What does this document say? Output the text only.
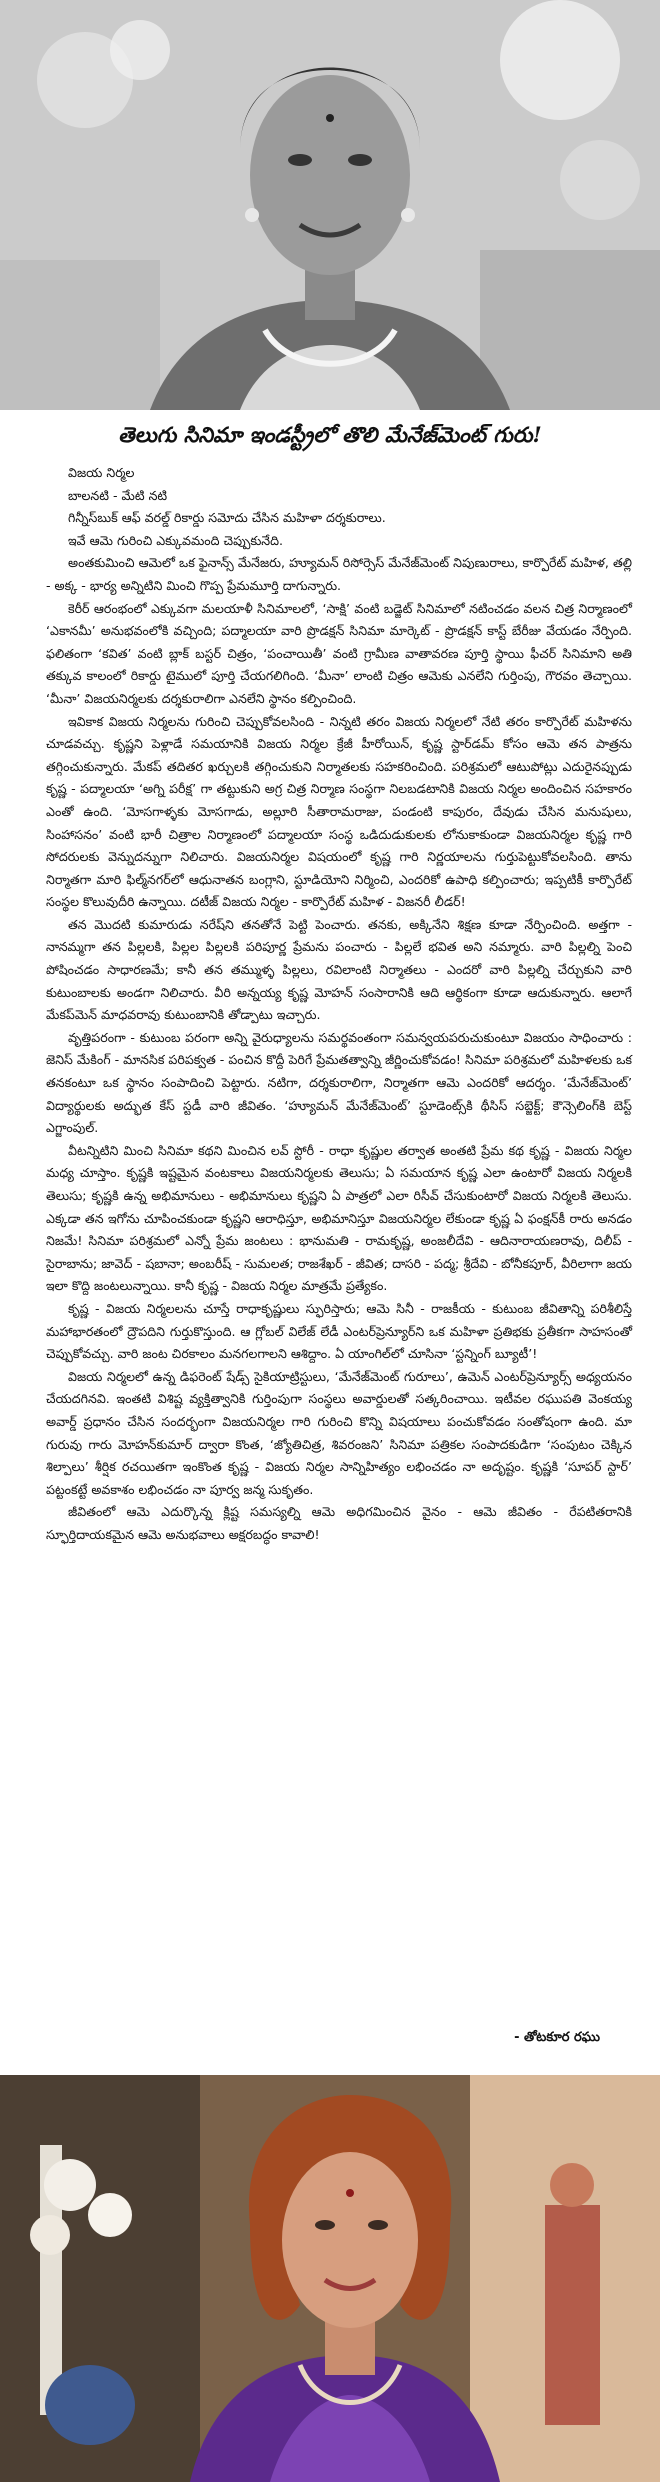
తెలుగు సినిమా ఇండస్ట్రీలో తొలి మేనేజ్‌మెంట్ గురు!

విజయ నిర్మల

బాలనటి - మేటి నటి

గిన్నీస్‌బుక్ ఆఫ్ వరల్డ్ రికార్డు సమోదు చేసిన మహిళా దర్శకురాలు.

ఇవే ఆమె గురించి ఎక్కువమంది చెప్పుకునేది.

అంతకుమించి ఆమెలో ఒక ఫైనాన్స్ మేనేజరు, హ్యూమన్ రిసోర్సెస్ మేనేజ్‌మెంట్ నిపుణురాలు, కార్పొరేట్ మహిళ, తల్లి - అక్క - భార్య అన్నిటిని మించి గొప్ప ప్రేమమూర్తి దాగున్నారు.

కెరీర్ ఆరంభంలో ఎక్కువగా మలయాళీ సినిమాలలో, ‘సాక్షి’ వంటి బడ్జెట్ సినిమాలో నటించడం వలన చిత్ర నిర్మాణంలో ‘ఎకానమీ’ అనుభవంలోకి వచ్చింది; పద్మాలయా వారి ప్రొడక్షన్ సినిమా మార్కెట్ - ప్రొడక్షన్ కాస్ట్ బేరీజు వేయడం నేర్పింది. ఫలితంగా ‘కవిత’ వంటి బ్లాక్ బస్టర్ చిత్రం, ‘పంచాయితీ’ వంటి గ్రామీణ వాతావరణ పూర్తి స్థాయి ఫీచర్ సినిమాని అతి తక్కువ కాలంలో రికార్డు టైములో పూర్తి చేయగలిగింది. ‘మీనా’ లాంటి చిత్రం ఆమెకు ఎనలేని గుర్తింపు, గౌరవం తెచ్చాయి. ‘మీనా’ విజయనిర్మలకు దర్శకురాలిగా ఎనలేని స్థానం కల్పించింది.

ఇవికాక విజయ నిర్మలను గురించి చెప్పుకోవలసింది - నిన్నటి తరం విజయ నిర్మలలో నేటి తరం కార్పొరేట్ మహిళను చూడవచ్చు. కృష్ణని పెళ్లాడే సమయానికి విజయ నిర్మల క్రేజీ హీరోయిన్, కృష్ణ స్టార్‌డమ్ కోసం ఆమె తన పాత్రను తగ్గించుకున్నారు. మేకప్ తదితర ఖర్చులకి తగ్గించుకుని నిర్మాతలకు సహకరించింది. పరిశ్రమలో ఆటుపోట్లు ఎదురైనప్పుడు కృష్ణ - పద్మాలయా ‘అగ్ని పరీక్ష’ గా తట్టుకుని అగ్ర చిత్ర నిర్మాణ సంస్థగా నిలబడటానికి విజయ నిర్మల అందించిన సహకారం ఎంతో ఉంది. ‘మోసగాళ్ళకు మోసగాడు, అల్లూరి సీతారామరాజు, పండంటి కాపురం, దేవుడు చేసిన మనుషులు, సింహాసనం’ వంటి భారీ చిత్రాల నిర్మాణంలో పద్మాలయా సంస్థ ఒడిదుడుకులకు లోనుకాకుండా విజయనిర్మల కృష్ణ గారి సోదరులకు వెన్నుదన్నుగా నిలిచారు. విజయనిర్మల విషయంలో కృష్ణ గారి నిర్ణయాలను గుర్తుపెట్టుకోవలసింది. తాను నిర్మాతగా మారి ఫిల్మ్‌నగర్‌లో ఆధునాతన బంగ్లాని, స్టూడియోని నిర్మించి, ఎందరికో ఉపాధి కల్పించారు; ఇప్పటికీ కార్పొరేట్ సంస్థల కొలువుదీరి ఉన్నాయి. దటీజ్ విజయ నిర్మల - కార్పొరేట్ మహిళ - విజనరీ లీడర్!

తన మొదటి కుమారుడు నరేష్‌ని తనతోనే పెట్టి పెంచారు. తనకు, అక్కినేని శిక్షణ కూడా నేర్పించింది. అత్తగా - నానమ్మగా తన పిల్లలకి, పిల్లల పిల్లలకి పరిపూర్ణ ప్రేమను పంచారు - పిల్లలే భవిత అని నమ్మారు. వారి పిల్లల్ని పెంచి పోషించడం సాధారణమే; కానీ తన తమ్ముళ్ళ పిల్లలు, రవిలాంటి నిర్మాతలు - ఎందరో వారి పిల్లల్ని చేర్చుకుని వారి కుటుంబాలకు అండగా నిలిచారు. వీరి అన్నయ్య కృష్ణ మోహన్ సంసారానికి ఆది ఆర్థికంగా కూడా ఆదుకున్నారు. ఆలాగే మేకప్‌మెన్ మాధవరావు కుటుంబానికి తోడ్పాటు ఇచ్చారు.

వృత్తిపరంగా - కుటుంబ పరంగా అన్ని వైరుధ్యాలను సమర్థవంతంగా సమన్వయపరుచుకుంటూ విజయం సాధించారు : జెనిస్ మేకింగ్ - మానసిక పరిపక్వత - పంచిన కొద్దీ పెరిగే ప్రేమతత్వాన్ని జీర్ణించుకోవడం! సినిమా పరిశ్రమలో మహిళలకు ఒక తనకంటూ ఒక స్థానం సంపాదించి పెట్టారు. నటిగా, దర్శకురాలిగా, నిర్మాతగా ఆమె ఎందరికో ఆదర్శం. ‘మేనేజ్‌మెంట్’ విద్యార్థులకు అద్భుత కేస్ స్టడీ వారి జీవితం. ‘హ్యూమన్ మేనేజ్‌మెంట్’ స్టూడెంట్స్‌కి థీసిస్ సబ్జెక్ట్; కౌన్సెలింగ్‌కి బెస్ట్ ఎగ్జాంపుల్.

వీటన్నిటిని మించి సినిమా కథని మించిన లవ్ స్టోరీ - రాధా కృష్ణుల తర్వాత అంతటి ప్రేమ కథ కృష్ణ - విజయ నిర్మల మధ్య చూస్తాం. కృష్ణకి ఇష్టమైన వంటకాలు విజయనిర్మలకు తెలుసు; ఏ సమయాన కృష్ణ ఎలా ఉంటారో విజయ నిర్మలకి తెలుసు; కృష్ణకి ఉన్న అభిమానులు - అభిమానులు కృష్ణని ఏ పాత్రలో ఎలా రిసీవ్ చేసుకుంటారో విజయ నిర్మలకి తెలుసు. ఎక్కడా తన ఇగోను చూపించకుండా కృష్ణని ఆరాధిస్తూ, అభిమానిస్తూ విజయనిర్మల లేకుండా కృష్ణ ఏ ఫంక్షన్‌కీ రారు అనడం నిజమే! సినిమా పరిశ్రమలో ఎన్నో ప్రేమ జంటలు : భానుమతి - రామకృష్ణ, అంజలీదేవి - ఆదినారాయణరావు, దిలీప్ - సైరాబాను; జావెద్ - షబానా; అంబరీష్ - సుమలత; రాజశేఖర్ - జీవిత; దాసరి - పద్మ; శ్రీదేవి - బోనీకపూర్, వీరిలాగా జయ ఇలా కొద్ది జంటలున్నాయి. కానీ కృష్ణ - విజయ నిర్మల మాత్రమే ప్రత్యేకం.

కృష్ణ - విజయ నిర్మలలను చూస్తే రాధాకృష్ణులు స్ఫురిస్తారు; ఆమె సినీ - రాజకీయ - కుటుంబ జీవితాన్ని పరిశీలిస్తే మహాభారతంలో ద్రౌపదిని గుర్తుకొస్తుంది. ఆ గ్లోబల్ విలేజ్ లేడీ ఎంటర్‌ప్రెన్యూర్‌ని ఒక మహిళా ప్రతిభకు ప్రతీకగా సాహసంతో చెప్పుకోవచ్చు. వారి జంట చిరకాలం మనగలగాలని ఆశిద్దాం. ఏ యాంగిల్‌లో చూసినా ‘స్టన్నింగ్ బ్యూటీ’!

విజయ నిర్మలలో ఉన్న డిఫరెంట్ షేడ్స్ సైకియాట్రిస్టులు, ‘మేనేజ్‌మెంట్ గురూలు’, ఉమెన్ ఎంటర్‌ప్రెన్యూర్స్ అధ్యయనం చేయదగినవి. ఇంతటి విశిష్ట వ్యక్తిత్వానికి గుర్తింపుగా సంస్థలు అవార్డులతో సత్కరించాయి. ఇటీవల రఘుపతి వెంకయ్య అవార్డ్ ప్రధానం చేసిన సందర్భంగా విజయనిర్మల గారి గురించి కొన్ని విషయాలు పంచుకోవడం సంతోషంగా ఉంది. మా గురువు గారు మోహన్‌కుమార్ ద్వారా కొంత, ‘జ్యోతిచిత్ర, శివరంజని’ సినిమా పత్రికల సంపాదకుడిగా ‘సంపుటం చెక్కిన శిల్పాలు’ శీర్షిక రచయితగా ఇంకొంత కృష్ణ - విజయ నిర్మల సాన్నిహిత్యం లభించడం నా అదృష్టం. కృష్ణకి ‘సూపర్ స్టార్’ పట్టంకట్టే అవకాశం లభించడం నా పూర్వ జన్మ సుకృతం.

జీవితంలో ఆమె ఎదుర్కొన్న క్లిష్ట సమస్యల్ని ఆమె అధిగమించిన వైనం - ఆమె జీవితం - రేపటితరానికి స్ఫూర్తిదాయకమైన ఆమె అనుభవాలు అక్షరబద్ధం కావాలి!

- తోటకూర రఘు
